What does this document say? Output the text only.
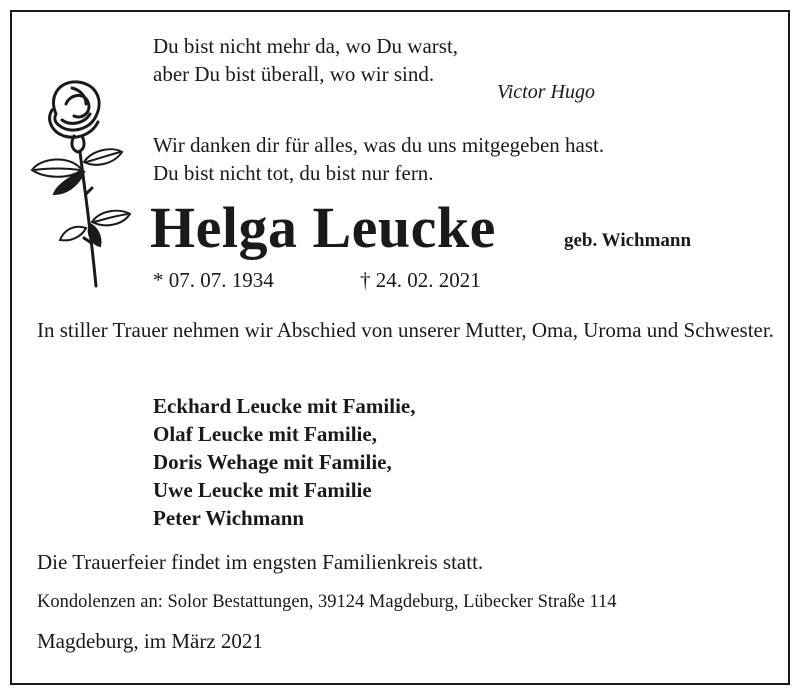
Du bist nicht mehr da, wo Du warst,
aber Du bist überall, wo wir sind.
Victor Hugo
Wir danken dir für alles, was du uns mitgegeben hast.
Du bist nicht tot, du bist nur fern.
Helga Leucke	geb. Wichmann
* 07. 07. 1934	† 24. 02. 2021
In stiller Trauer nehmen wir Abschied von unserer Mutter, Oma, Uroma und Schwester.
Eckhard Leucke mit Familie,
Olaf Leucke mit Familie,
Doris Wehage mit Familie,
Uwe Leucke mit Familie
Peter Wichmann
Die Trauerfeier findet im engsten Familienkreis statt.
Kondolenzen an: Solor Bestattungen, 39124 Magdeburg, Lübecker Straße 114
Magdeburg, im März 2021
